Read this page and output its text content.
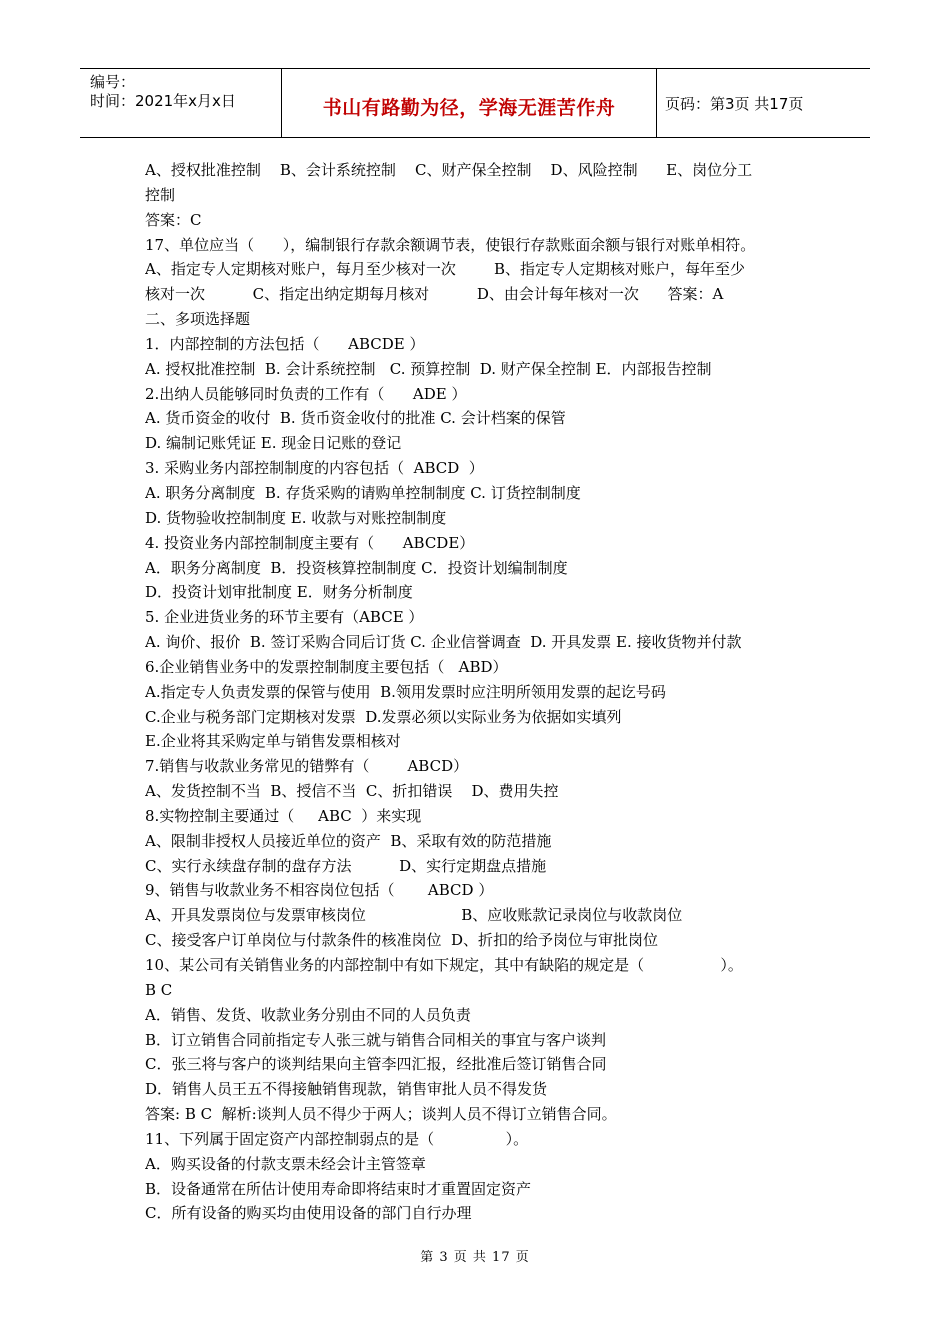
编号：
时间：2021年x月x日	书山有路勤为径，学海无涯苦作舟	页码：第3页 共17页
A、授权批准控制    B、会计系统控制    C、财产保全控制    D、风险控制      E、岗位分工
控制
答案：C
17、单位应当（      ），编制银行存款余额调节表，使银行存款账面余额与银行对账单相符。
A、指定专人定期核对账户，每月至少核对一次        B、指定专人定期核对账户，每年至少
核对一次          C、指定出纳定期每月核对          D、由会计每年核对一次      答案：A
二、多项选择题
1．内部控制的方法包括（      ABCDE ）
A. 授权批准控制  B. 会计系统控制   C. 预算控制  D. 财产保全控制 E．内部报告控制
2.出纳人员能够同时负责的工作有（      ADE ）
A. 货币资金的收付  B. 货币资金收付的批准 C. 会计档案的保管
D. 编制记账凭证 E. 现金日记账的登记
3. 采购业务内部控制制度的内容包括（  ABCD  ）
A. 职务分离制度  B. 存货采购的请购单控制制度 C. 订货控制制度
D. 货物验收控制制度 E. 收款与对账控制制度
4. 投资业务内部控制制度主要有（      ABCDE）
A．职务分离制度  B．投资核算控制制度 C．投资计划编制制度
D．投资计划审批制度 E．财务分析制度
5. 企业进货业务的环节主要有（ABCE ）
A. 询价、报价  B. 签订采购合同后订货 C. 企业信誉调查  D. 开具发票 E. 接收货物并付款
6.企业销售业务中的发票控制制度主要包括（   ABD）
A.指定专人负责发票的保管与使用  B.领用发票时应注明所领用发票的起讫号码
C.企业与税务部门定期核对发票  D.发票必须以实际业务为依据如实填列
E.企业将其采购定单与销售发票相核对
7.销售与收款业务常见的错弊有（        ABCD）
A、发货控制不当  B、授信不当  C、折扣错误    D、费用失控
8.实物控制主要通过（     ABC  ）来实现
A、限制非授权人员接近单位的资产  B、采取有效的防范措施
C、实行永续盘存制的盘存方法          D、实行定期盘点措施
9、销售与收款业务不相容岗位包括（       ABCD ）
A、开具发票岗位与发票审核岗位                    B、应收账款记录岗位与收款岗位
C、接受客户订单岗位与付款条件的核准岗位  D、折扣的给予岗位与审批岗位
10、某公司有关销售业务的内部控制中有如下规定，其中有缺陷的规定是（                ）。
B C
A．销售、发货、收款业务分别由不同的人员负责
B．订立销售合同前指定专人张三就与销售合同相关的事宜与客户谈判
C．张三将与客户的谈判结果向主管李四汇报，经批准后签订销售合同
D．销售人员王五不得接触销售现款，销售审批人员不得发货
答案: B C  解析:谈判人员不得少于两人；谈判人员不得订立销售合同。
11、下列属于固定资产内部控制弱点的是（               ）。
A．购买设备的付款支票未经会计主管签章
B．设备通常在所估计使用寿命即将结束时才重置固定资产
C．所有设备的购买均由使用设备的部门自行办理
第 3 页 共 17 页
